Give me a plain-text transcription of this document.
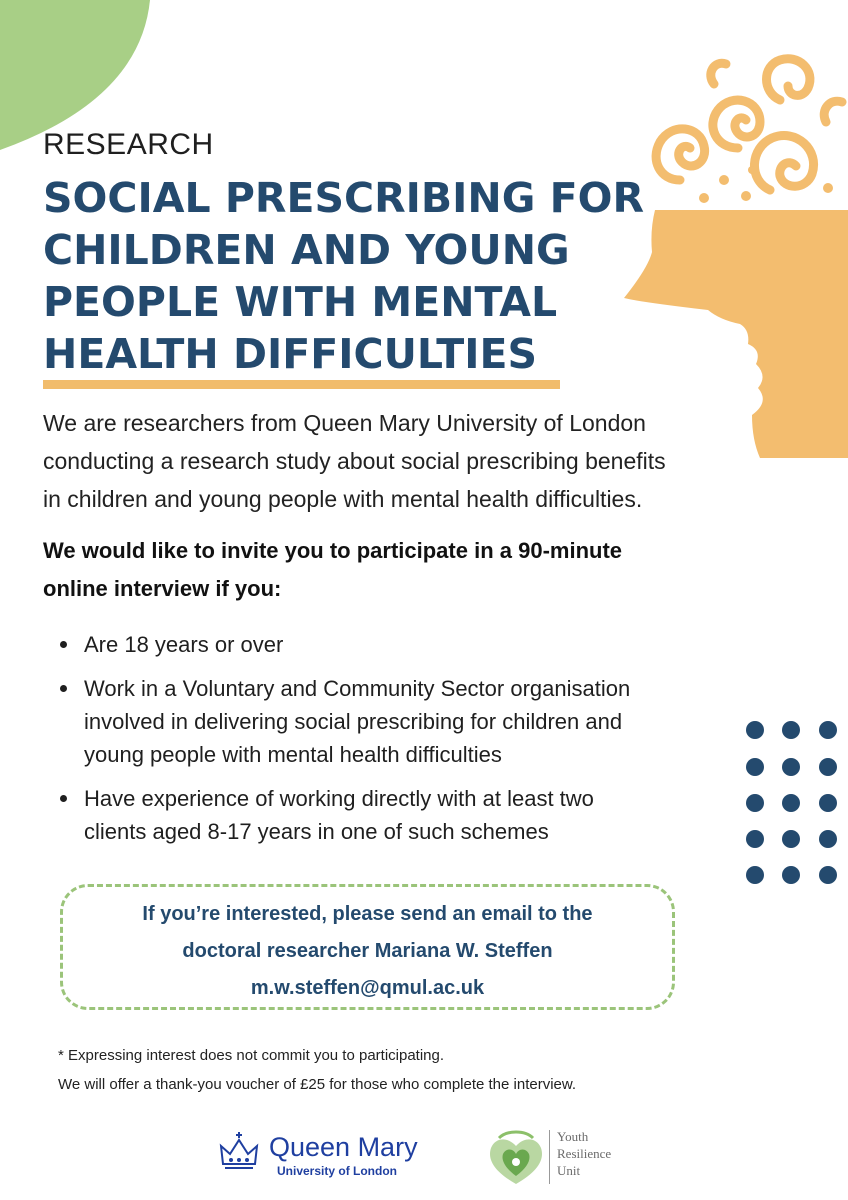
RESEARCH
SOCIAL PRESCRIBING FOR
CHILDREN AND YOUNG
PEOPLE WITH MENTAL
HEALTH DIFFICULTIES
We are researchers from Queen Mary University of London
conducting a research study about social prescribing benefits
in children and young people with mental health difficulties.
We would like to invite you to participate in a 90-minute
online interview if you:
Are 18 years or over
Work in a Voluntary and Community Sector organisation
involved in delivering social prescribing for children and
young people with mental health difficulties
Have experience of working directly with at least two
clients aged 8-17 years in one of such schemes
If you’re interested, please send an email to the
doctoral researcher Mariana W. Steffen
m.w.steffen@qmul.ac.uk
* Expressing interest does not commit you to participating.
We will offer a thank-you voucher of £25 for those who complete the interview.
Queen Mary
University of London
Youth
Resilience
Unit
